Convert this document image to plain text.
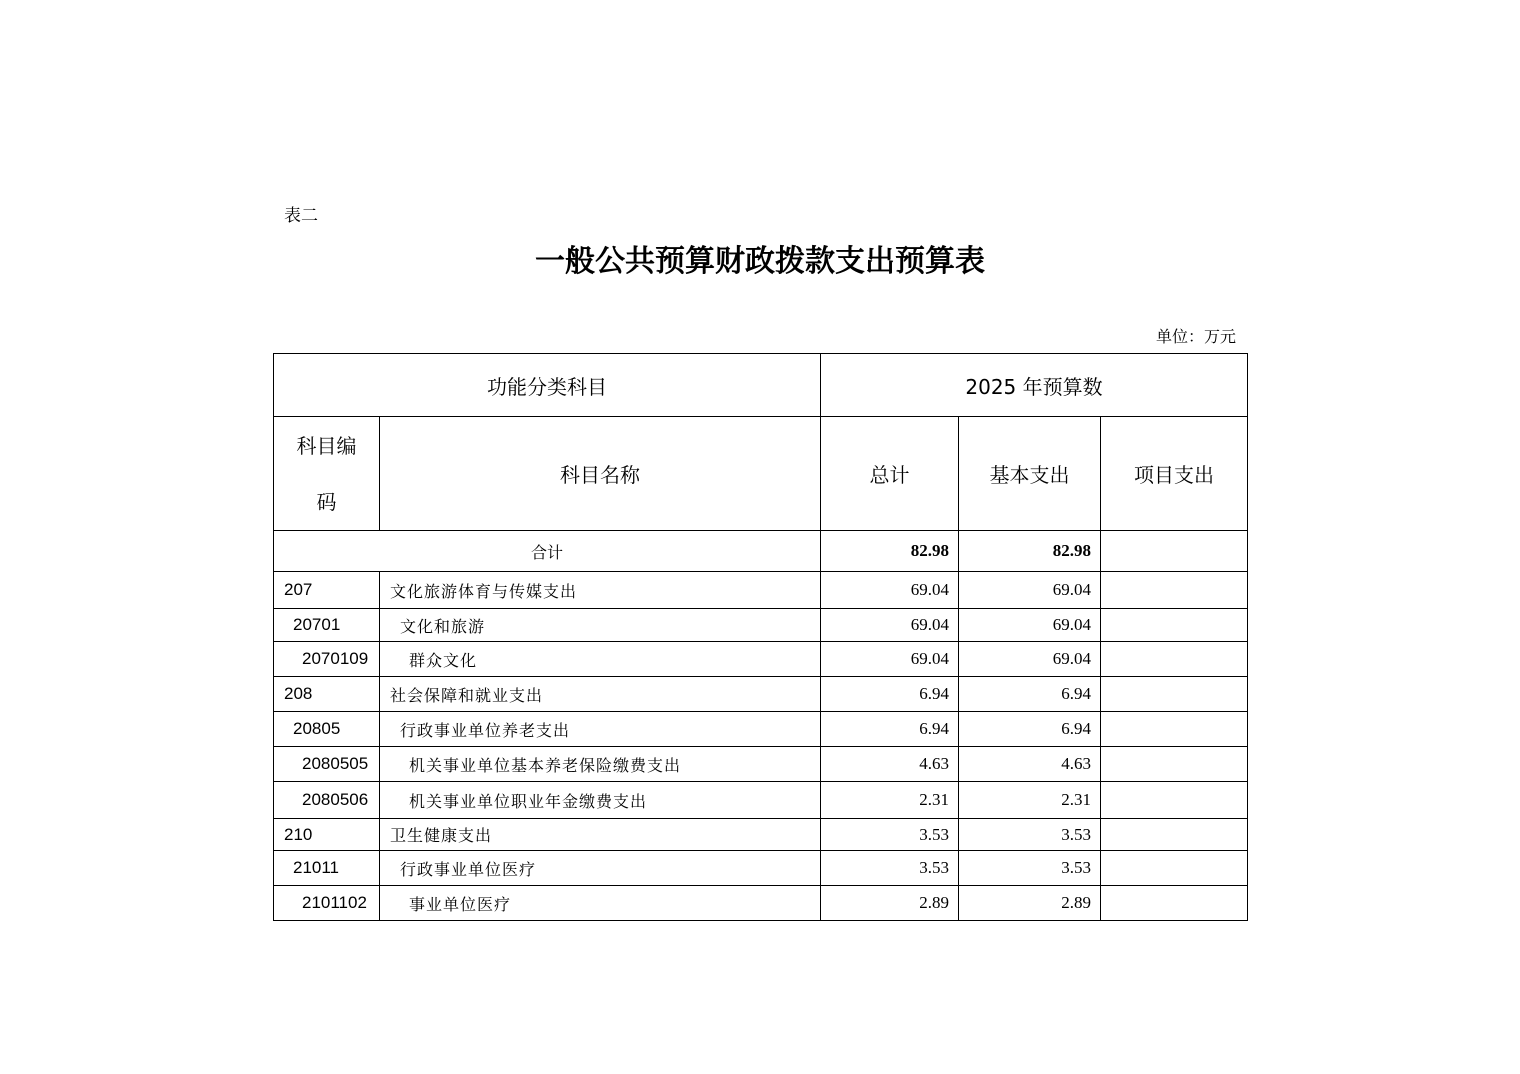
表二
一般公共预算财政拨款支出预算表
单位：万元
功能分类科目		2025 年预算数		
科目编码	科目名称	总计	基本支出	项目支出
合计		82.98	82.98	
207	文化旅游体育与传媒支出	69.04	69.04	
20701	文化和旅游	69.04	69.04	
2070109	群众文化	69.04	69.04	
208	社会保障和就业支出	6.94	6.94	
20805	行政事业单位养老支出	6.94	6.94	
2080505	机关事业单位基本养老保险缴费支出	4.63	4.63	
2080506	机关事业单位职业年金缴费支出	2.31	2.31	
210	卫生健康支出	3.53	3.53	
21011	行政事业单位医疗	3.53	3.53	
2101102	事业单位医疗	2.89	2.89	
